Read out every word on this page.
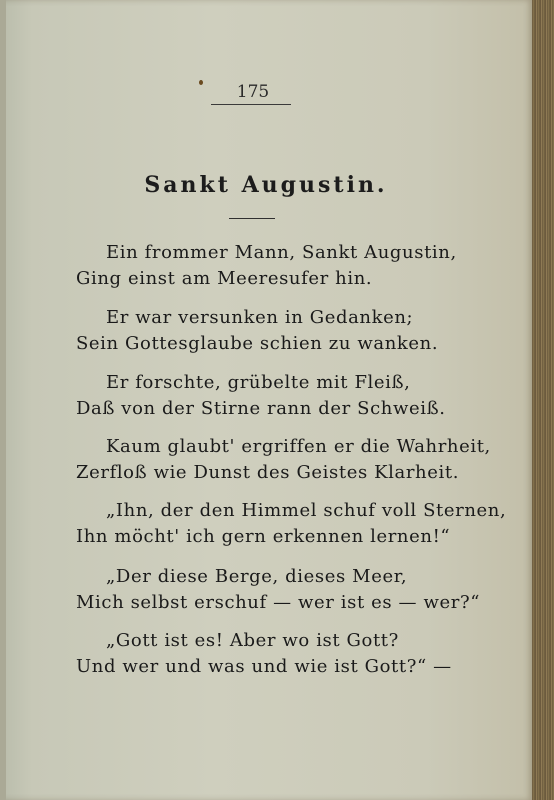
175
Sankt Augustin.
Ein frommer Mann, Sankt Augustin,
Ging einst am Meeresufer hin.
Er war versunken in Gedanken;
Sein Gottesglaube schien zu wanken.
Er forschte, grübelte mit Fleiß,
Daß von der Stirne rann der Schweiß.
Kaum glaubt' ergriffen er die Wahrheit,
Zerfloß wie Dunst des Geistes Klarheit.
„Ihn, der den Himmel schuf voll Sternen,
Ihn möcht' ich gern erkennen lernen!“
„Der diese Berge, dieses Meer,
Mich selbst erschuf — wer ist es — wer?“
„Gott ist es! Aber wo ist Gott?
Und wer und was und wie ist Gott?“ —
